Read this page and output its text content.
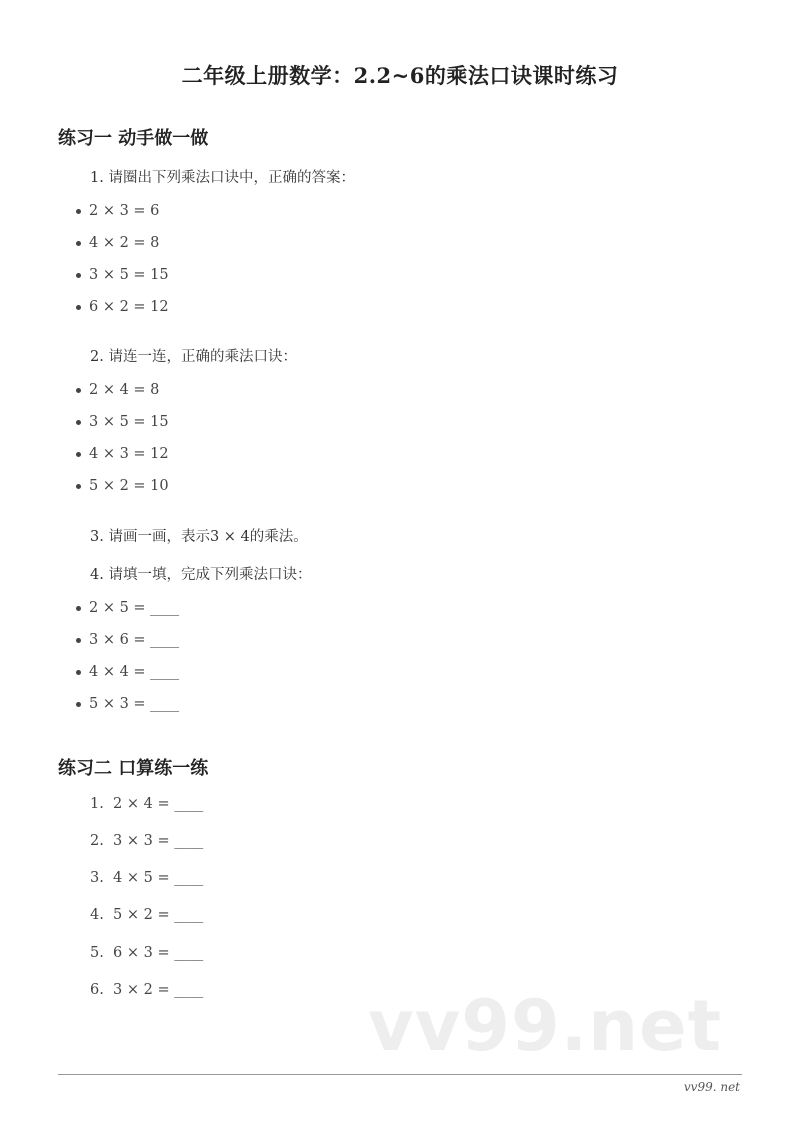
二年级上册数学：2.2~6的乘法口诀课时练习
练习一 动手做一做
1. 请圈出下列乘法口诀中，正确的答案：
2 × 3 = 6
4 × 2 = 8
3 × 5 = 15
6 × 2 = 12
2. 请连一连，正确的乘法口诀：
2 × 4 = 8
3 × 5 = 15
4 × 3 = 12
5 × 2 = 10
3. 请画一画，表示3 × 4的乘法。
4. 请填一填，完成下列乘法口诀：
2 × 5 = ____
3 × 6 = ____
4 × 4 = ____
5 × 3 = ____
练习二 口算练一练
1.  2 × 4 = ____
2.  3 × 3 = ____
3.  4 × 5 = ____
4.  5 × 2 = ____
5.  6 × 3 = ____
6.  3 × 2 = ____ vv99.net
vv99. net
